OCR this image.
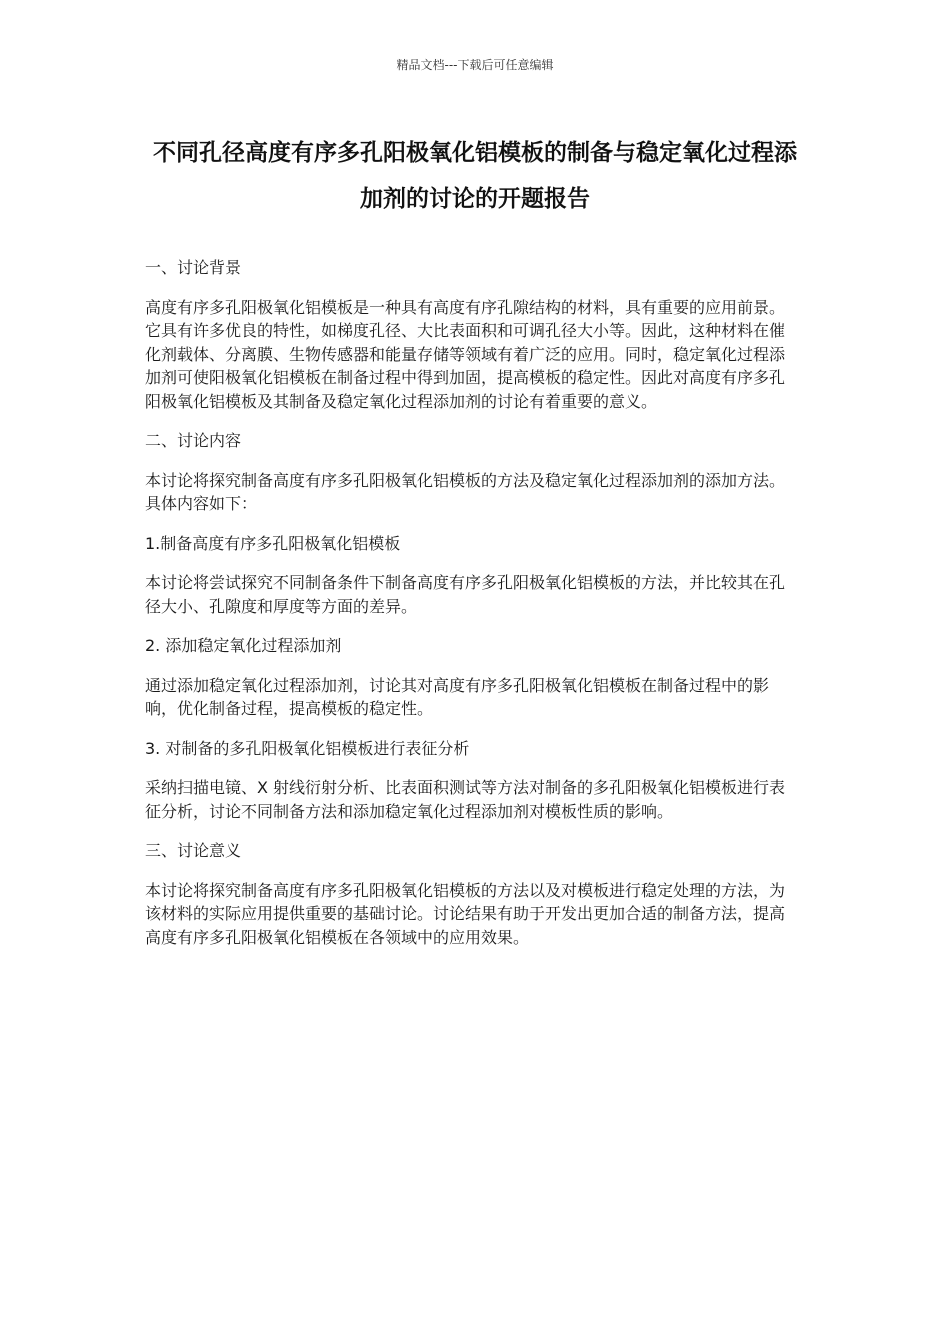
精品文档---下载后可任意编辑
不同孔径高度有序多孔阳极氧化铝模板的制备与稳定氧化过程添加剂的讨论的开题报告

一、讨论背景

高度有序多孔阳极氧化铝模板是一种具有高度有序孔隙结构的材料，具有重要的应用前景。它具有许多优良的特性，如梯度孔径、大比表面积和可调孔径大小等。因此，这种材料在催化剂载体、分离膜、生物传感器和能量存储等领域有着广泛的应用。同时，稳定氧化过程添加剂可使阳极氧化铝模板在制备过程中得到加固，提高模板的稳定性。因此对高度有序多孔阳极氧化铝模板及其制备及稳定氧化过程添加剂的讨论有着重要的意义。

二、讨论内容

本讨论将探究制备高度有序多孔阳极氧化铝模板的方法及稳定氧化过程添加剂的添加方法。具体内容如下：

1.制备高度有序多孔阳极氧化铝模板

本讨论将尝试探究不同制备条件下制备高度有序多孔阳极氧化铝模板的方法，并比较其在孔径大小、孔隙度和厚度等方面的差异。

2. 添加稳定氧化过程添加剂

通过添加稳定氧化过程添加剂，讨论其对高度有序多孔阳极氧化铝模板在制备过程中的影响，优化制备过程，提高模板的稳定性。

3. 对制备的多孔阳极氧化铝模板进行表征分析

采纳扫描电镜、X 射线衍射分析、比表面积测试等方法对制备的多孔阳极氧化铝模板进行表征分析，讨论不同制备方法和添加稳定氧化过程添加剂对模板性质的影响。

三、讨论意义

本讨论将探究制备高度有序多孔阳极氧化铝模板的方法以及对模板进行稳定处理的方法，为该材料的实际应用提供重要的基础讨论。讨论结果有助于开发出更加合适的制备方法，提高高度有序多孔阳极氧化铝模板在各领域中的应用效果。
